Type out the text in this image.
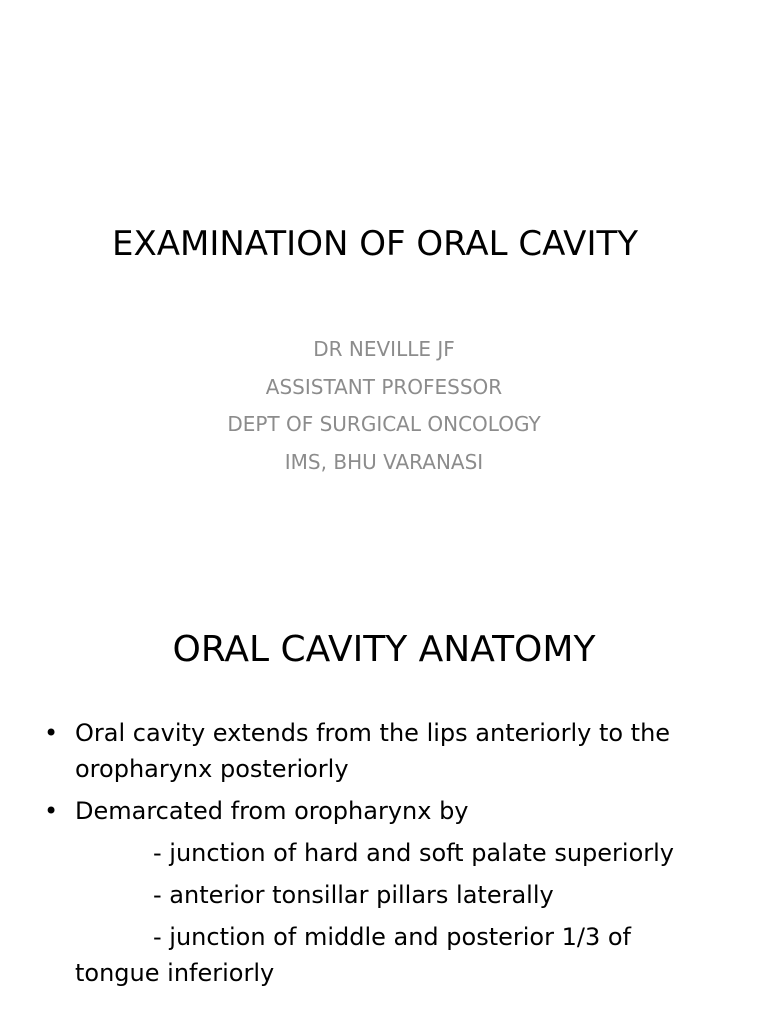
EXAMINATION OF ORAL CAVITY
DR NEVILLE JF
ASSISTANT PROFESSOR
DEPT OF SURGICAL ONCOLOGY
IMS, BHU VARANASI
ORAL CAVITY ANATOMY
• Oral cavity extends from the lips anteriorly to the oropharynx posteriorly
• Demarcated from oropharynx by
- junction of hard and soft palate superiorly
- anterior tonsillar pillars laterally
- junction of middle and posterior 1/3 of
tongue inferiorly
